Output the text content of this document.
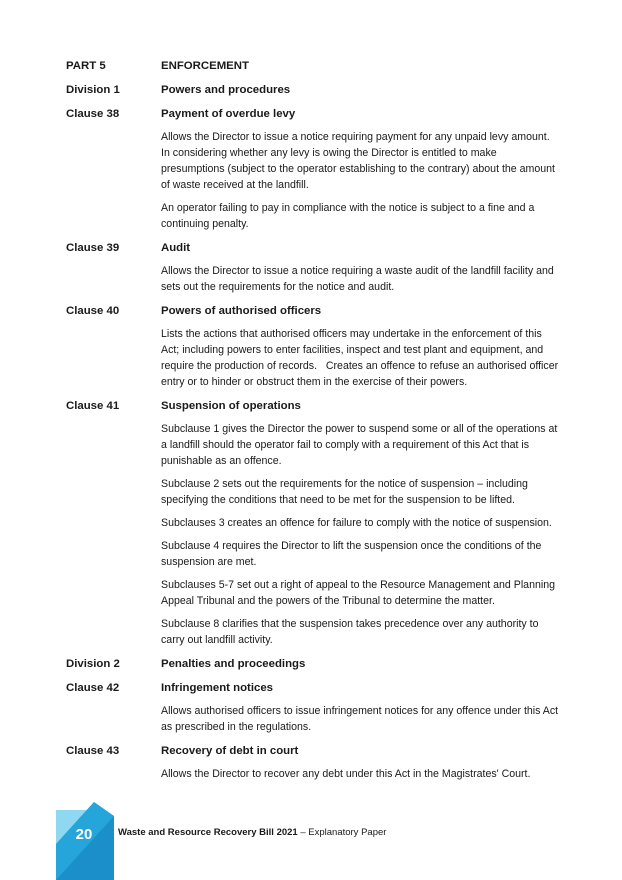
PART 5	ENFORCEMENT
Division 1	Powers and procedures
Clause 38	Payment of overdue levy
Allows the Director to issue a notice requiring payment for any unpaid levy amount. In considering whether any levy is owing the Director is entitled to make presumptions (subject to the operator establishing to the contrary) about the amount of waste received at the landfill.
An operator failing to pay in compliance with the notice is subject to a fine and a continuing penalty.
Clause 39	Audit
Allows the Director to issue a notice requiring a waste audit of the landfill facility and sets out the requirements for the notice and audit.
Clause 40	Powers of authorised officers
Lists the actions that authorised officers may undertake in the enforcement of this Act; including powers to enter facilities, inspect and test plant and equipment, and require the production of records.   Creates an offence to refuse an authorised officer entry or to hinder or obstruct them in the exercise of their powers.
Clause 41	Suspension of operations
Subclause 1 gives the Director the power to suspend some or all of the operations at a landfill should the operator fail to comply with a requirement of this Act that is punishable as an offence.
Subclause 2 sets out the requirements for the notice of suspension – including specifying the conditions that need to be met for the suspension to be lifted.
Subclauses 3 creates an offence for failure to comply with the notice of suspension.
Subclause 4 requires the Director to lift the suspension once the conditions of the suspension are met.
Subclauses 5-7 set out a right of appeal to the Resource Management and Planning Appeal Tribunal and the powers of the Tribunal to determine the matter.
Subclause 8 clarifies that the suspension takes precedence over any authority to carry out landfill activity.
Division 2	Penalties and proceedings
Clause 42	Infringement notices
Allows authorised officers to issue infringement notices for any offence under this Act as prescribed in the regulations.
Clause 43	Recovery of debt in court
Allows the Director to recover any debt under this Act in the Magistrates' Court.
20	Waste and Resource Recovery Bill 2021 – Explanatory Paper
